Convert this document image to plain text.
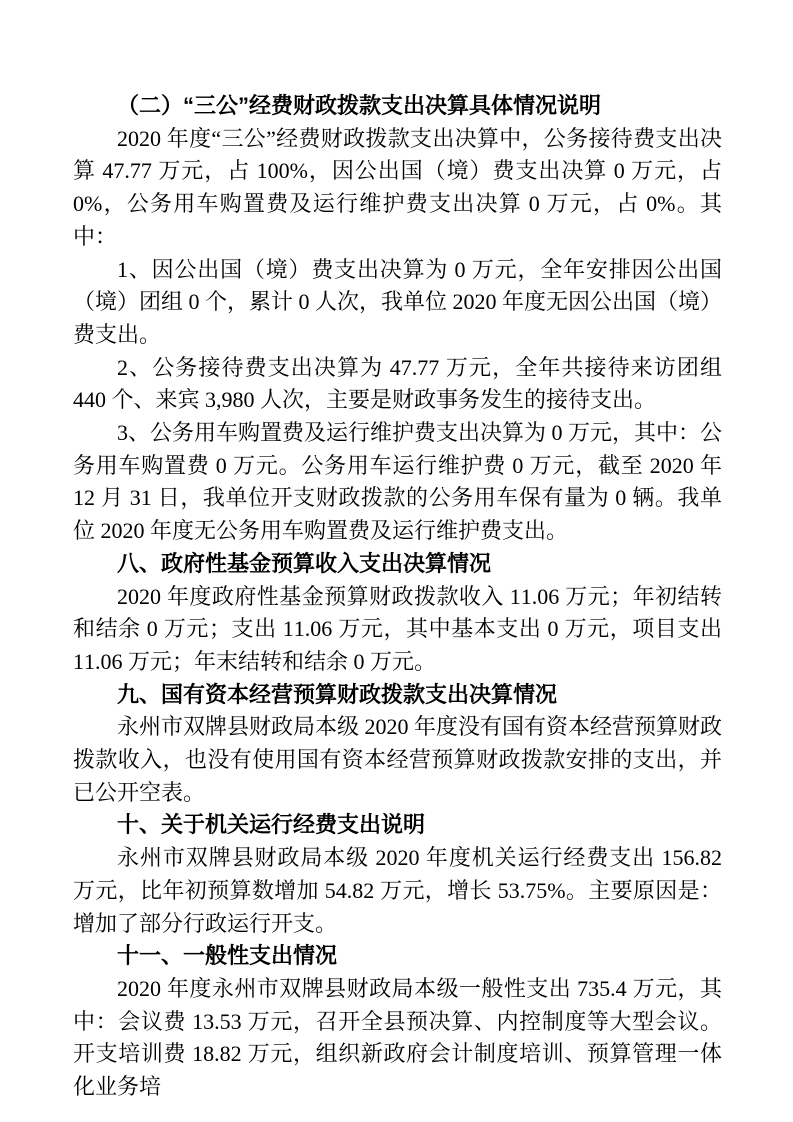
（二）“三公”经费财政拨款支出决算具体情况说明

2020 年度“三公”经费财政拨款支出决算中，公务接待费支出决算 47.77 万元，占 100%，因公出国（境）费支出决算 0 万元，占 0%，公务用车购置费及运行维护费支出决算 0 万元，占 0%。其中：

1、因公出国（境）费支出决算为 0 万元，全年安排因公出国（境）团组 0 个，累计 0 人次，我单位 2020 年度无因公出国（境）费支出。

2、公务接待费支出决算为 47.77 万元，全年共接待来访团组 440 个、来宾 3,980 人次，主要是财政事务发生的接待支出。

3、公务用车购置费及运行维护费支出决算为 0 万元，其中：公务用车购置费 0 万元。公务用车运行维护费 0 万元，截至 2020 年 12 月 31 日，我单位开支财政拨款的公务用车保有量为 0 辆。我单位 2020 年度无公务用车购置费及运行维护费支出。

八、政府性基金预算收入支出决算情况

2020 年度政府性基金预算财政拨款收入 11.06 万元；年初结转和结余 0 万元；支出 11.06 万元，其中基本支出 0 万元，项目支出 11.06 万元；年末结转和结余 0 万元。

九、国有资本经营预算财政拨款支出决算情况

永州市双牌县财政局本级 2020 年度没有国有资本经营预算财政拨款收入，也没有使用国有资本经营预算财政拨款安排的支出，并已公开空表。

十、关于机关运行经费支出说明

永州市双牌县财政局本级 2020 年度机关运行经费支出 156.82 万元，比年初预算数增加 54.82 万元，增长 53.75%。主要原因是：增加了部分行政运行开支。

十一、一般性支出情况

2020 年度永州市双牌县财政局本级一般性支出 735.4 万元，其中：会议费 13.53 万元，召开全县预决算、内控制度等大型会议。开支培训费 18.82 万元，组织新政府会计制度培训、预算管理一体化业务培
